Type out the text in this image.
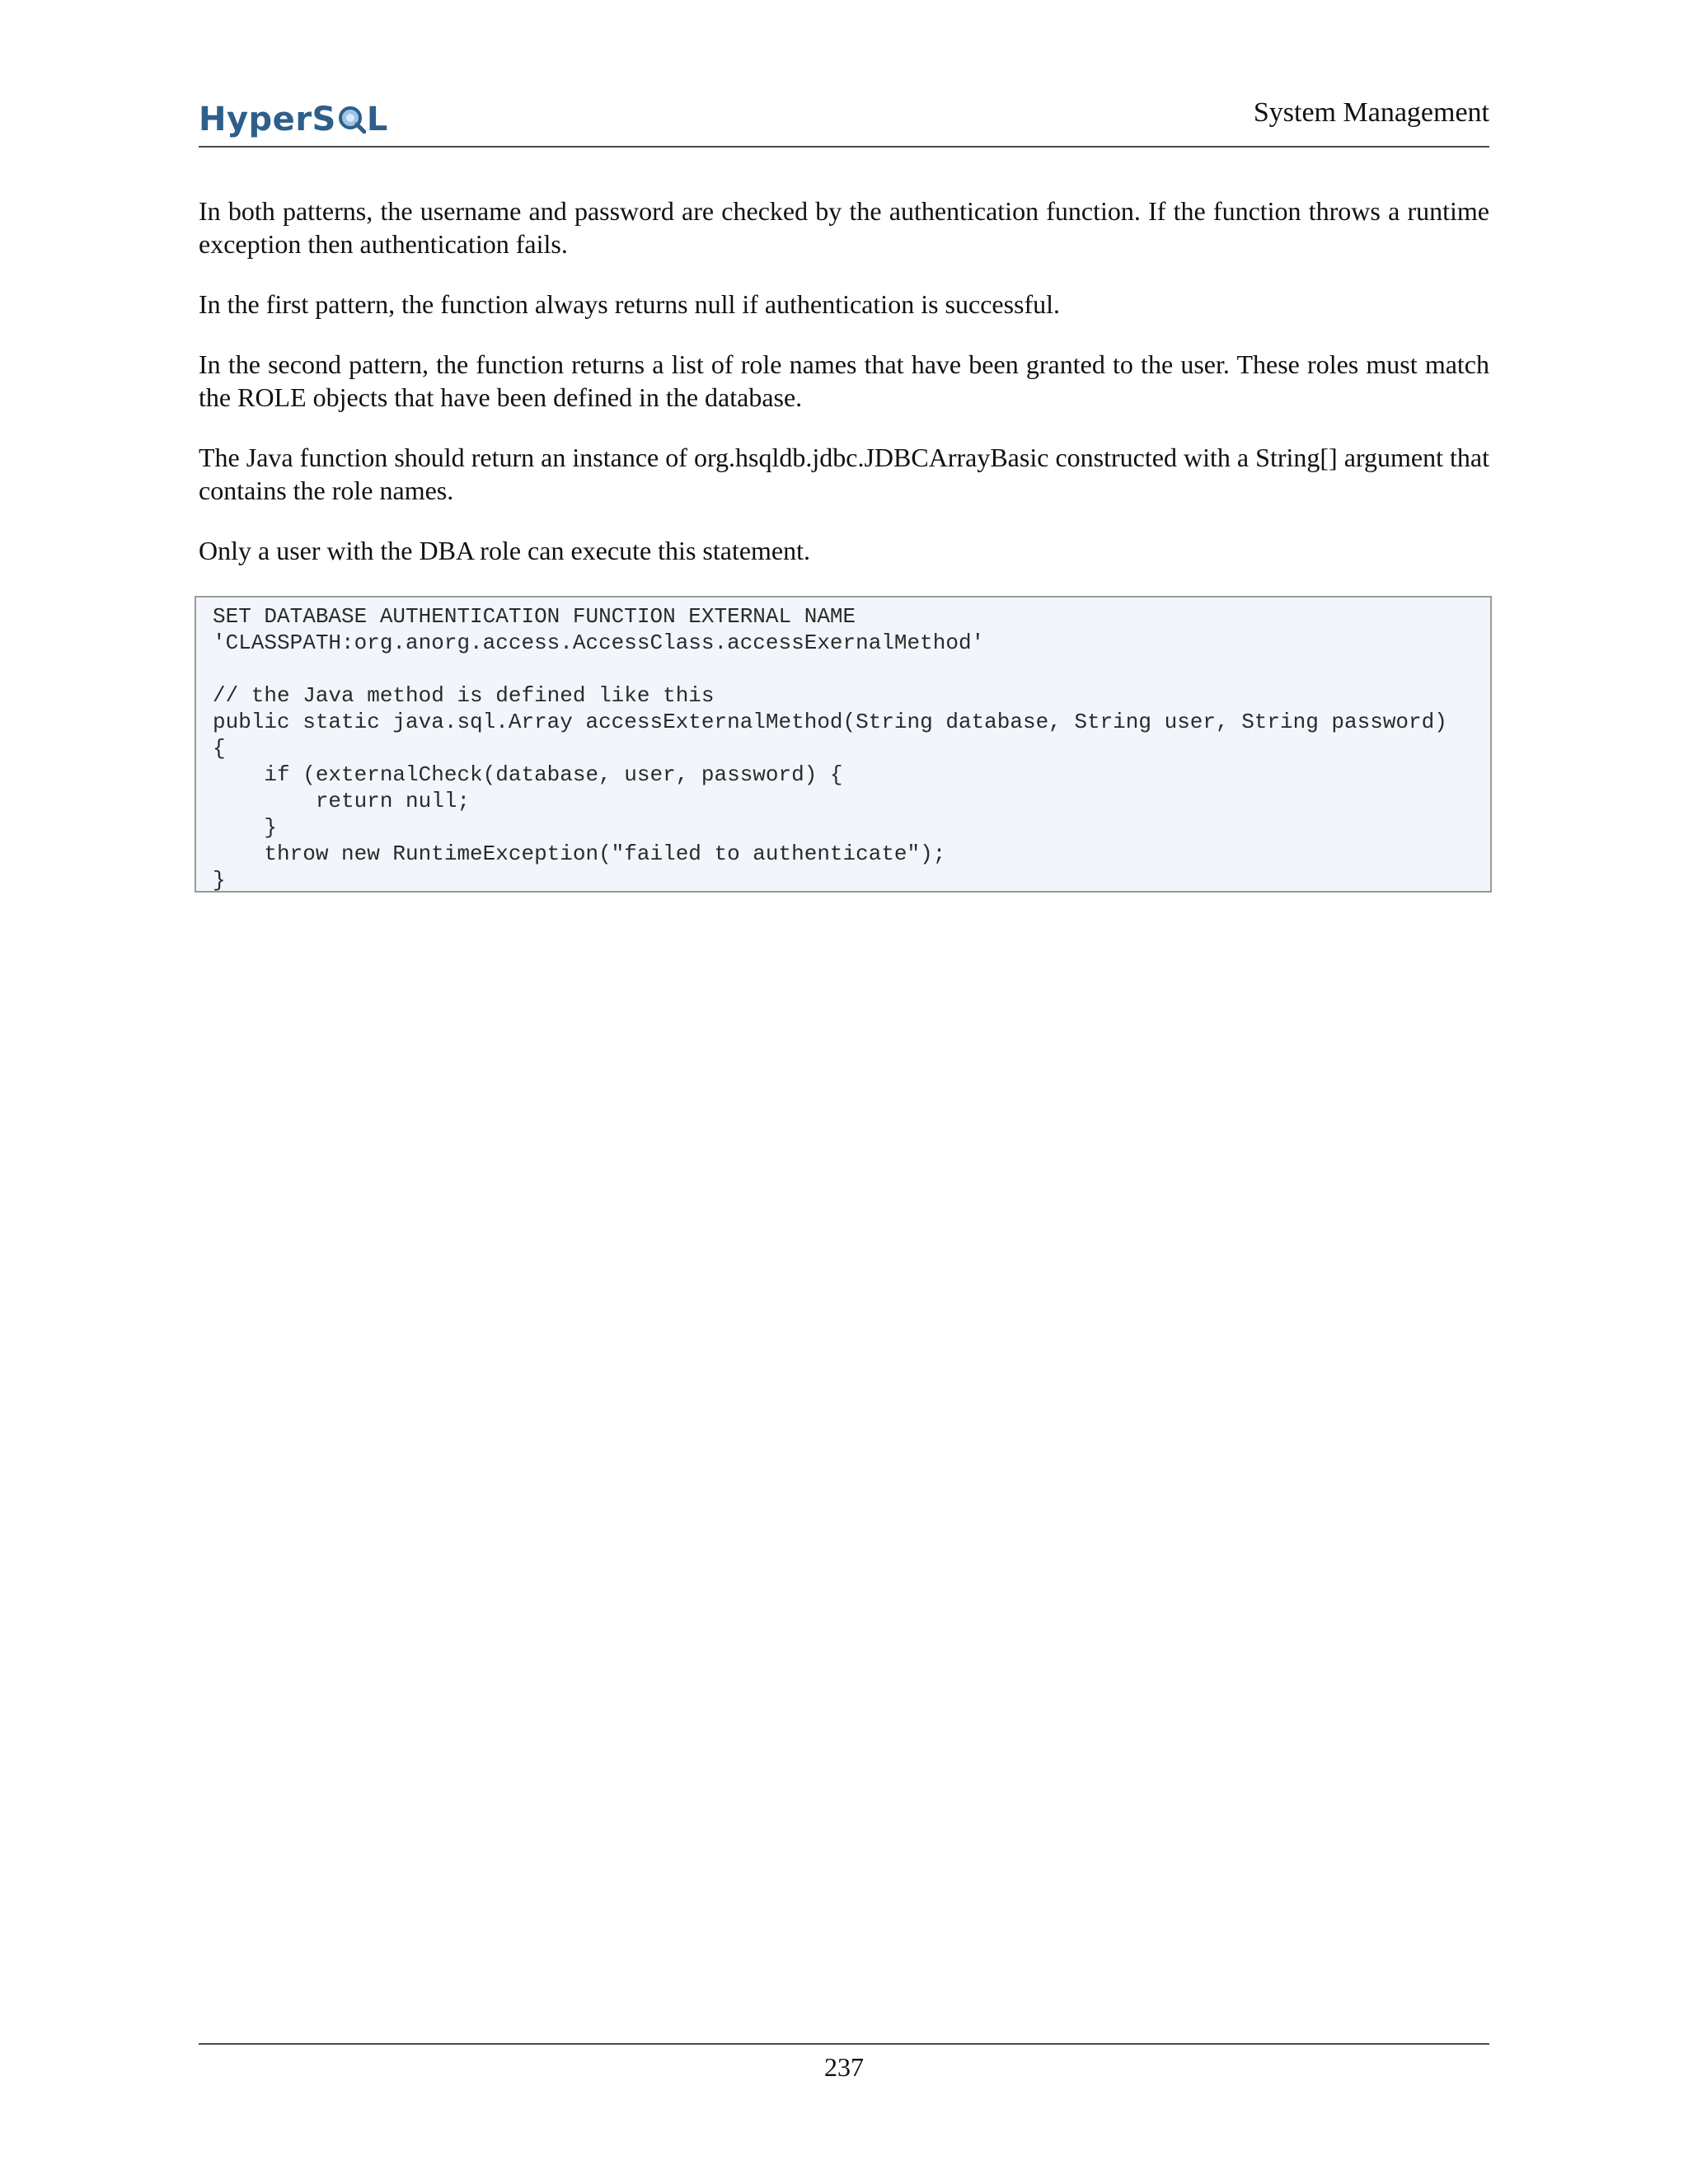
HyperS L	System Management

In both patterns, the username and password are checked by the authentication function. If the function throws a runtime exception then authentication fails.

In the first pattern, the function always returns null if authentication is successful.

In the second pattern, the function returns a list of role names that have been granted to the user. These roles must match the ROLE objects that have been defined in the database.

The Java function should return an instance of org.hsqldb.jdbc.JDBCArrayBasic constructed with a String[] argument that contains the role names.

Only a user with the DBA role can execute this statement.

SET DATABASE AUTHENTICATION FUNCTION EXTERNAL NAME
'CLASSPATH:org.anorg.access.AccessClass.accessExernalMethod'
// the Java method is defined like this
public static java.sql.Array accessExternalMethod(String database, String user, String password)
{
if (externalCheck(database, user, password) {
return null;
}
throw new RuntimeException("failed to authenticate");
}
237
